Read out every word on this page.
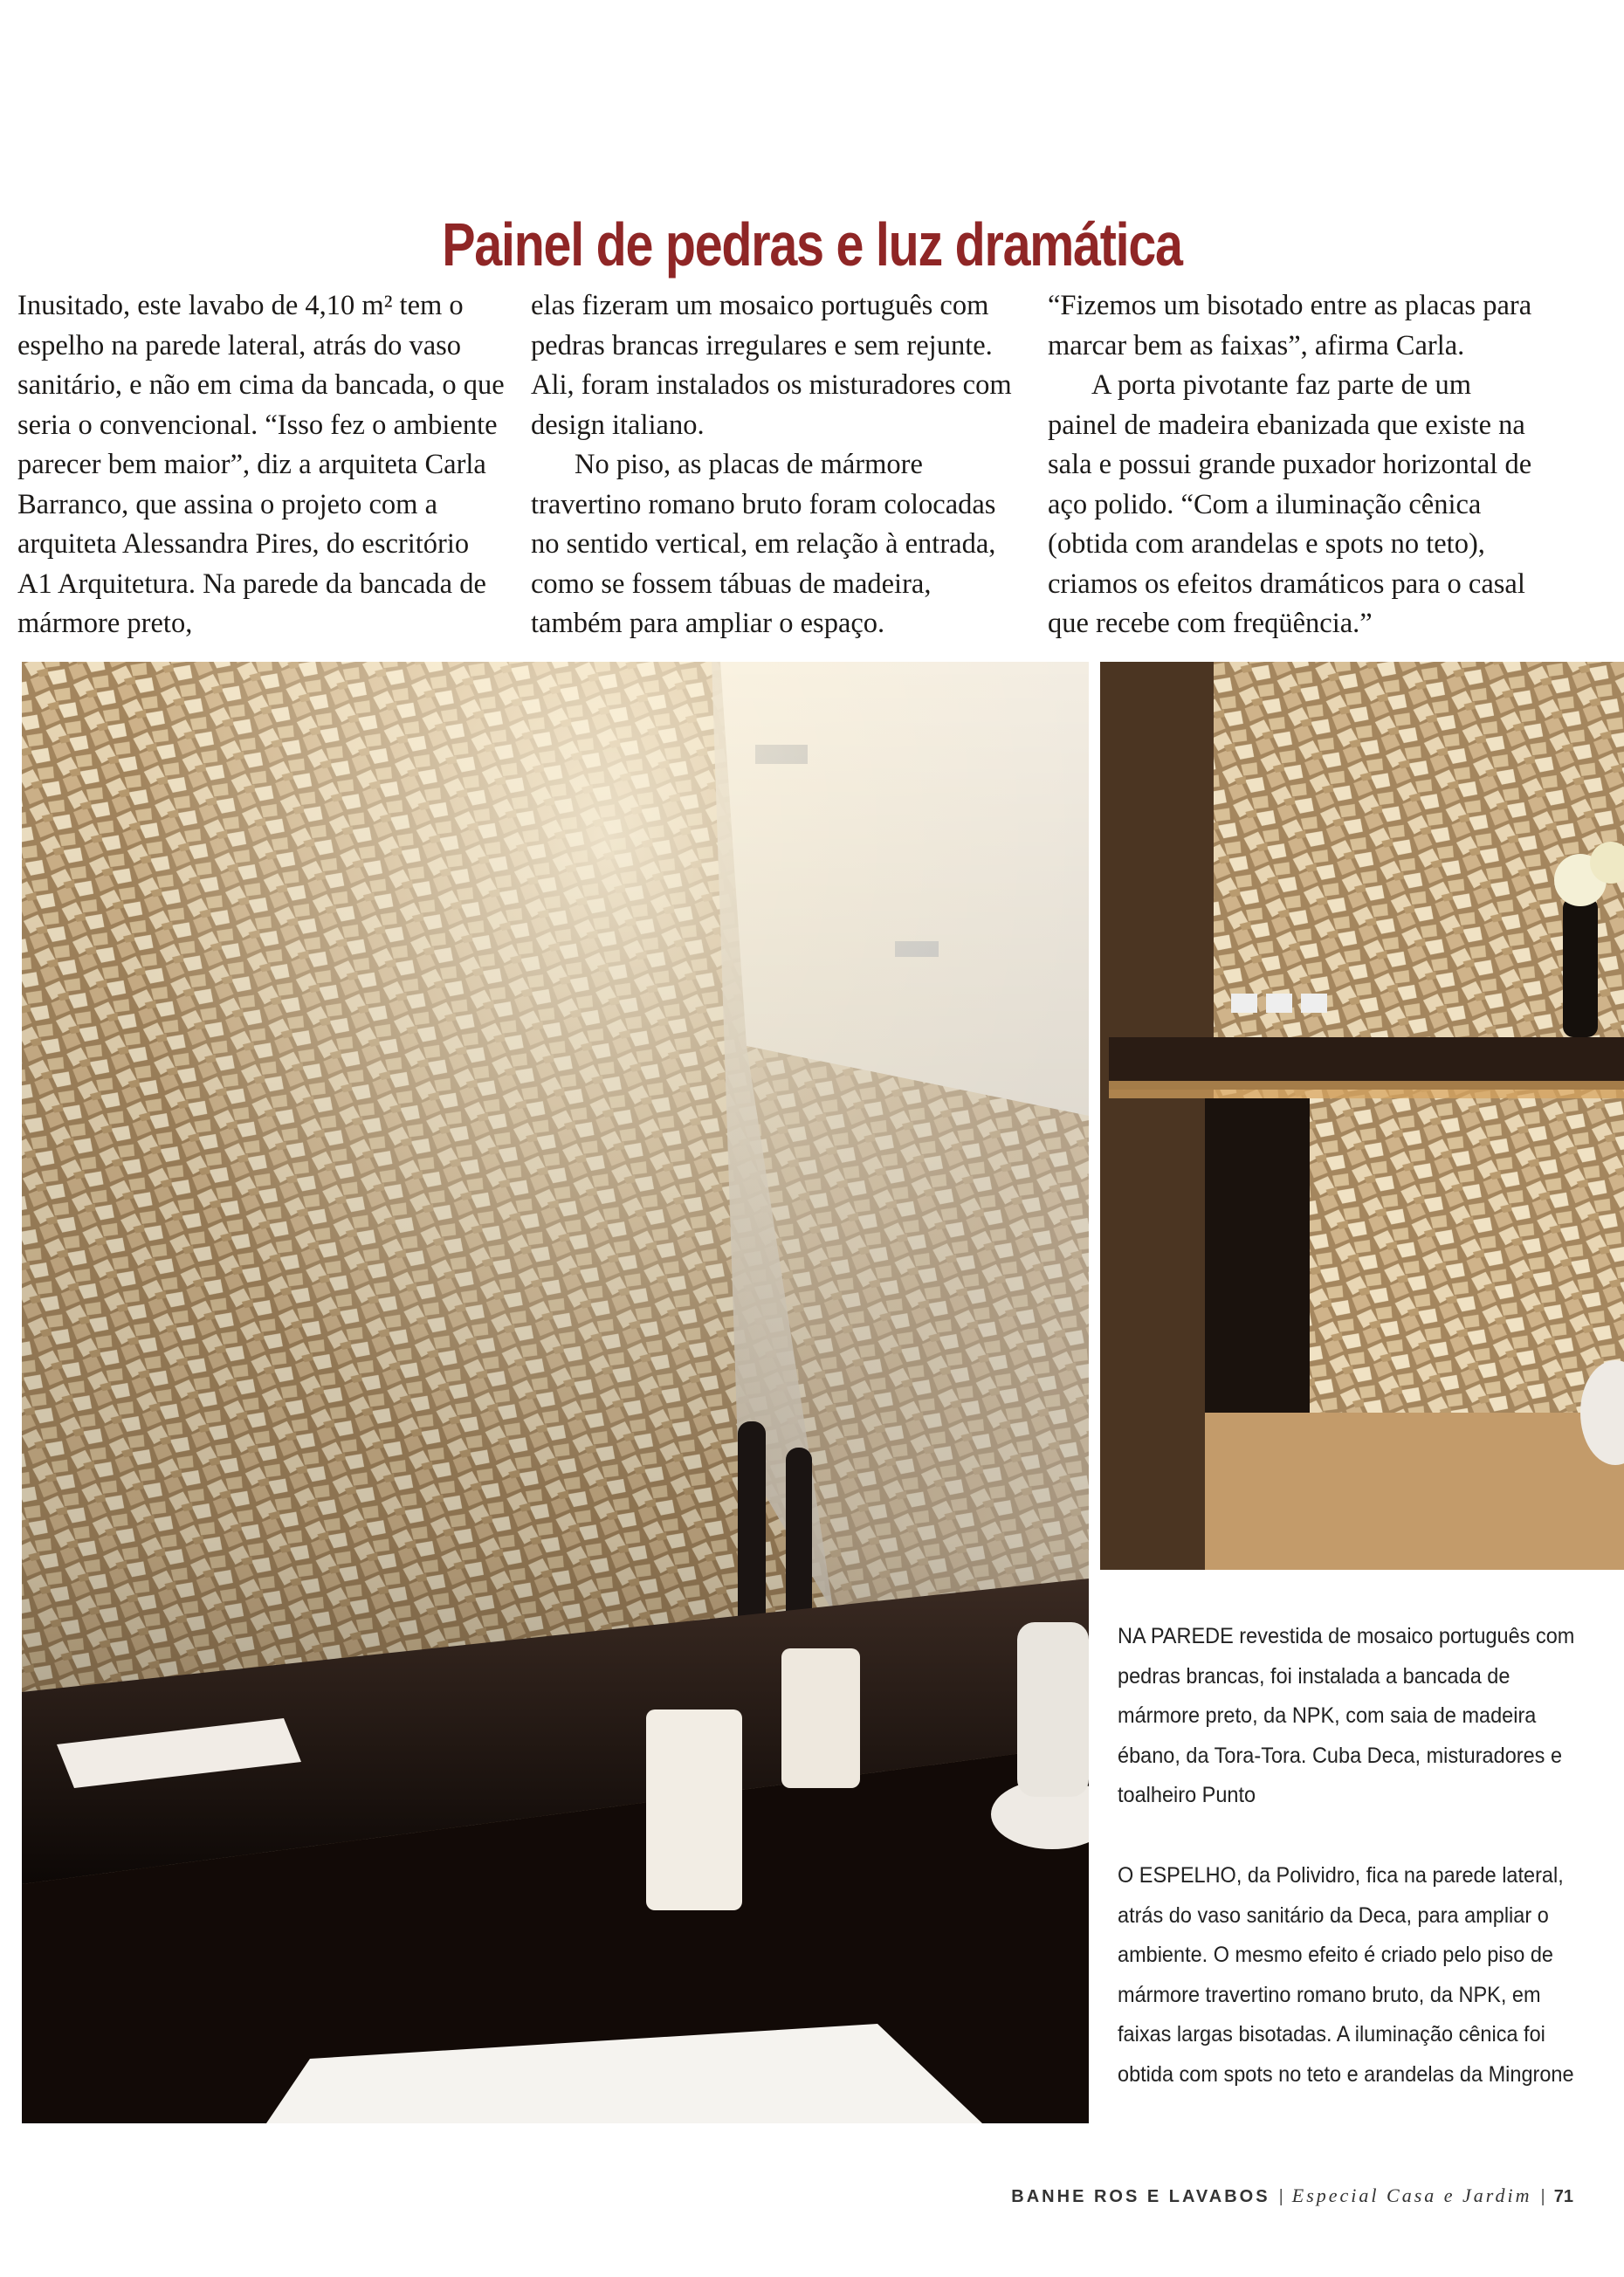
Painel de pedras e luz dramática

Inusitado, este lavabo de 4,10 m² tem o espelho na parede lateral, atrás do vaso sanitário, e não em cima da bancada, o que seria o convencional. “Isso fez o ambiente parecer bem maior”, diz a arquiteta Carla Barranco, que assina o projeto com a arquiteta Alessandra Pires, do escritório A1 Arquitetura. Na parede da bancada de mármore preto,

elas fizeram um mosaico português com pedras brancas irregulares e sem rejunte. Ali, foram instalados os misturadores com design italiano.

No piso, as placas de mármore travertino romano bruto foram colocadas no sentido vertical, em relação à entrada, como se fossem tábuas de madeira, também para ampliar o espaço.

“Fizemos um bisotado entre as placas para marcar bem as faixas”, afirma Carla.

A porta pivotante faz parte de um painel de madeira ebanizada que existe na sala e possui grande puxador horizontal de aço polido. “Com a iluminação cênica (obtida com arandelas e spots no teto), criamos os efeitos dramáticos para o casal que recebe com freqüência.”

NA PAREDE revestida de mosaico português com pedras brancas, foi instalada a bancada de mármore preto, da NPK, com saia de madeira ébano, da Tora-Tora. Cuba Deca, misturadores e toalheiro Punto

O ESPELHO, da Polividro, fica na parede lateral, atrás do vaso sanitário da Deca, para ampliar o ambiente. O mesmo efeito é criado pelo piso de mármore travertino romano bruto, da NPK, em faixas largas bisotadas. A iluminação cênica foi obtida com spots no teto e arandelas da Mingrone

BANHE ROS E LAVABOS | Especial Casa e Jardim | 71
